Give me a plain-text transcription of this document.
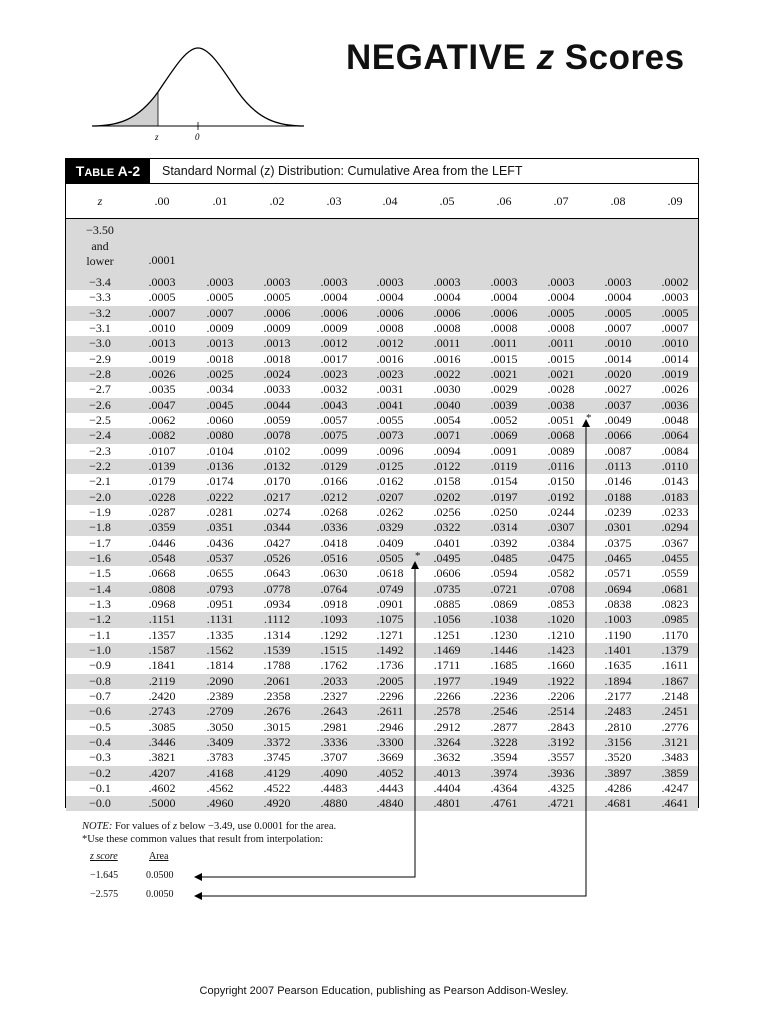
z	0
NEGATIVE z Scores
TABLE A-2	Standard Normal (z) Distribution: Cumulative Area from the LEFT
z	.00	.01	.02	.03	.04	.05	.06	.07	.08	.09
−3.50
and
lower	.0001
−3.4	.0003	.0003	.0003	.0003	.0003	.0003	.0003	.0003	.0003	.0002
−3.3	.0005	.0005	.0005	.0004	.0004	.0004	.0004	.0004	.0004	.0003
−3.2	.0007	.0007	.0006	.0006	.0006	.0006	.0006	.0005	.0005	.0005
−3.1	.0010	.0009	.0009	.0009	.0008	.0008	.0008	.0008	.0007	.0007
−3.0	.0013	.0013	.0013	.0012	.0012	.0011	.0011	.0011	.0010	.0010
−2.9	.0019	.0018	.0018	.0017	.0016	.0016	.0015	.0015	.0014	.0014
−2.8	.0026	.0025	.0024	.0023	.0023	.0022	.0021	.0021	.0020	.0019
−2.7	.0035	.0034	.0033	.0032	.0031	.0030	.0029	.0028	.0027	.0026
−2.6	.0047	.0045	.0044	.0043	.0041	.0040	.0039	.0038	.0037	.0036
−2.5	.0062	.0060	.0059	.0057	.0055	.0054	.0052	.0051	.0049	.0048
*
−2.4	.0082	.0080	.0078	.0075	.0073	.0071	.0069	.0068	.0066	.0064
−2.3	.0107	.0104	.0102	.0099	.0096	.0094	.0091	.0089	.0087	.0084
−2.2	.0139	.0136	.0132	.0129	.0125	.0122	.0119	.0116	.0113	.0110
−2.1	.0179	.0174	.0170	.0166	.0162	.0158	.0154	.0150	.0146	.0143
−2.0	.0228	.0222	.0217	.0212	.0207	.0202	.0197	.0192	.0188	.0183
−1.9	.0287	.0281	.0274	.0268	.0262	.0256	.0250	.0244	.0239	.0233
−1.8	.0359	.0351	.0344	.0336	.0329	.0322	.0314	.0307	.0301	.0294
−1.7	.0446	.0436	.0427	.0418	.0409	.0401	.0392	.0384	.0375	.0367
−1.6	.0548	.0537	.0526	.0516	.0505	.0495	.0485	.0475	.0465	.0455
*
−1.5	.0668	.0655	.0643	.0630	.0618	.0606	.0594	.0582	.0571	.0559
−1.4	.0808	.0793	.0778	.0764	.0749	.0735	.0721	.0708	.0694	.0681
−1.3	.0968	.0951	.0934	.0918	.0901	.0885	.0869	.0853	.0838	.0823
−1.2	.1151	.1131	.1112	.1093	.1075	.1056	.1038	.1020	.1003	.0985
−1.1	.1357	.1335	.1314	.1292	.1271	.1251	.1230	.1210	.1190	.1170
−1.0	.1587	.1562	.1539	.1515	.1492	.1469	.1446	.1423	.1401	.1379
−0.9	.1841	.1814	.1788	.1762	.1736	.1711	.1685	.1660	.1635	.1611
−0.8	.2119	.2090	.2061	.2033	.2005	.1977	.1949	.1922	.1894	.1867
−0.7	.2420	.2389	.2358	.2327	.2296	.2266	.2236	.2206	.2177	.2148
−0.6	.2743	.2709	.2676	.2643	.2611	.2578	.2546	.2514	.2483	.2451
−0.5	.3085	.3050	.3015	.2981	.2946	.2912	.2877	.2843	.2810	.2776
−0.4	.3446	.3409	.3372	.3336	.3300	.3264	.3228	.3192	.3156	.3121
−0.3	.3821	.3783	.3745	.3707	.3669	.3632	.3594	.3557	.3520	.3483
−0.2	.4207	.4168	.4129	.4090	.4052	.4013	.3974	.3936	.3897	.3859
−0.1	.4602	.4562	.4522	.4483	.4443	.4404	.4364	.4325	.4286	.4247
−0.0	.5000	.4960	.4920	.4880	.4840	.4801	.4761	.4721	.4681	.4641
NOTE: For values of z below −3.49, use 0.0001 for the area.
*Use these common values that result from interpolation:
z score	Area
−1.645	0.0500
−2.575	0.0050
Copyright 2007 Pearson Education, publishing as Pearson Addison-Wesley.
